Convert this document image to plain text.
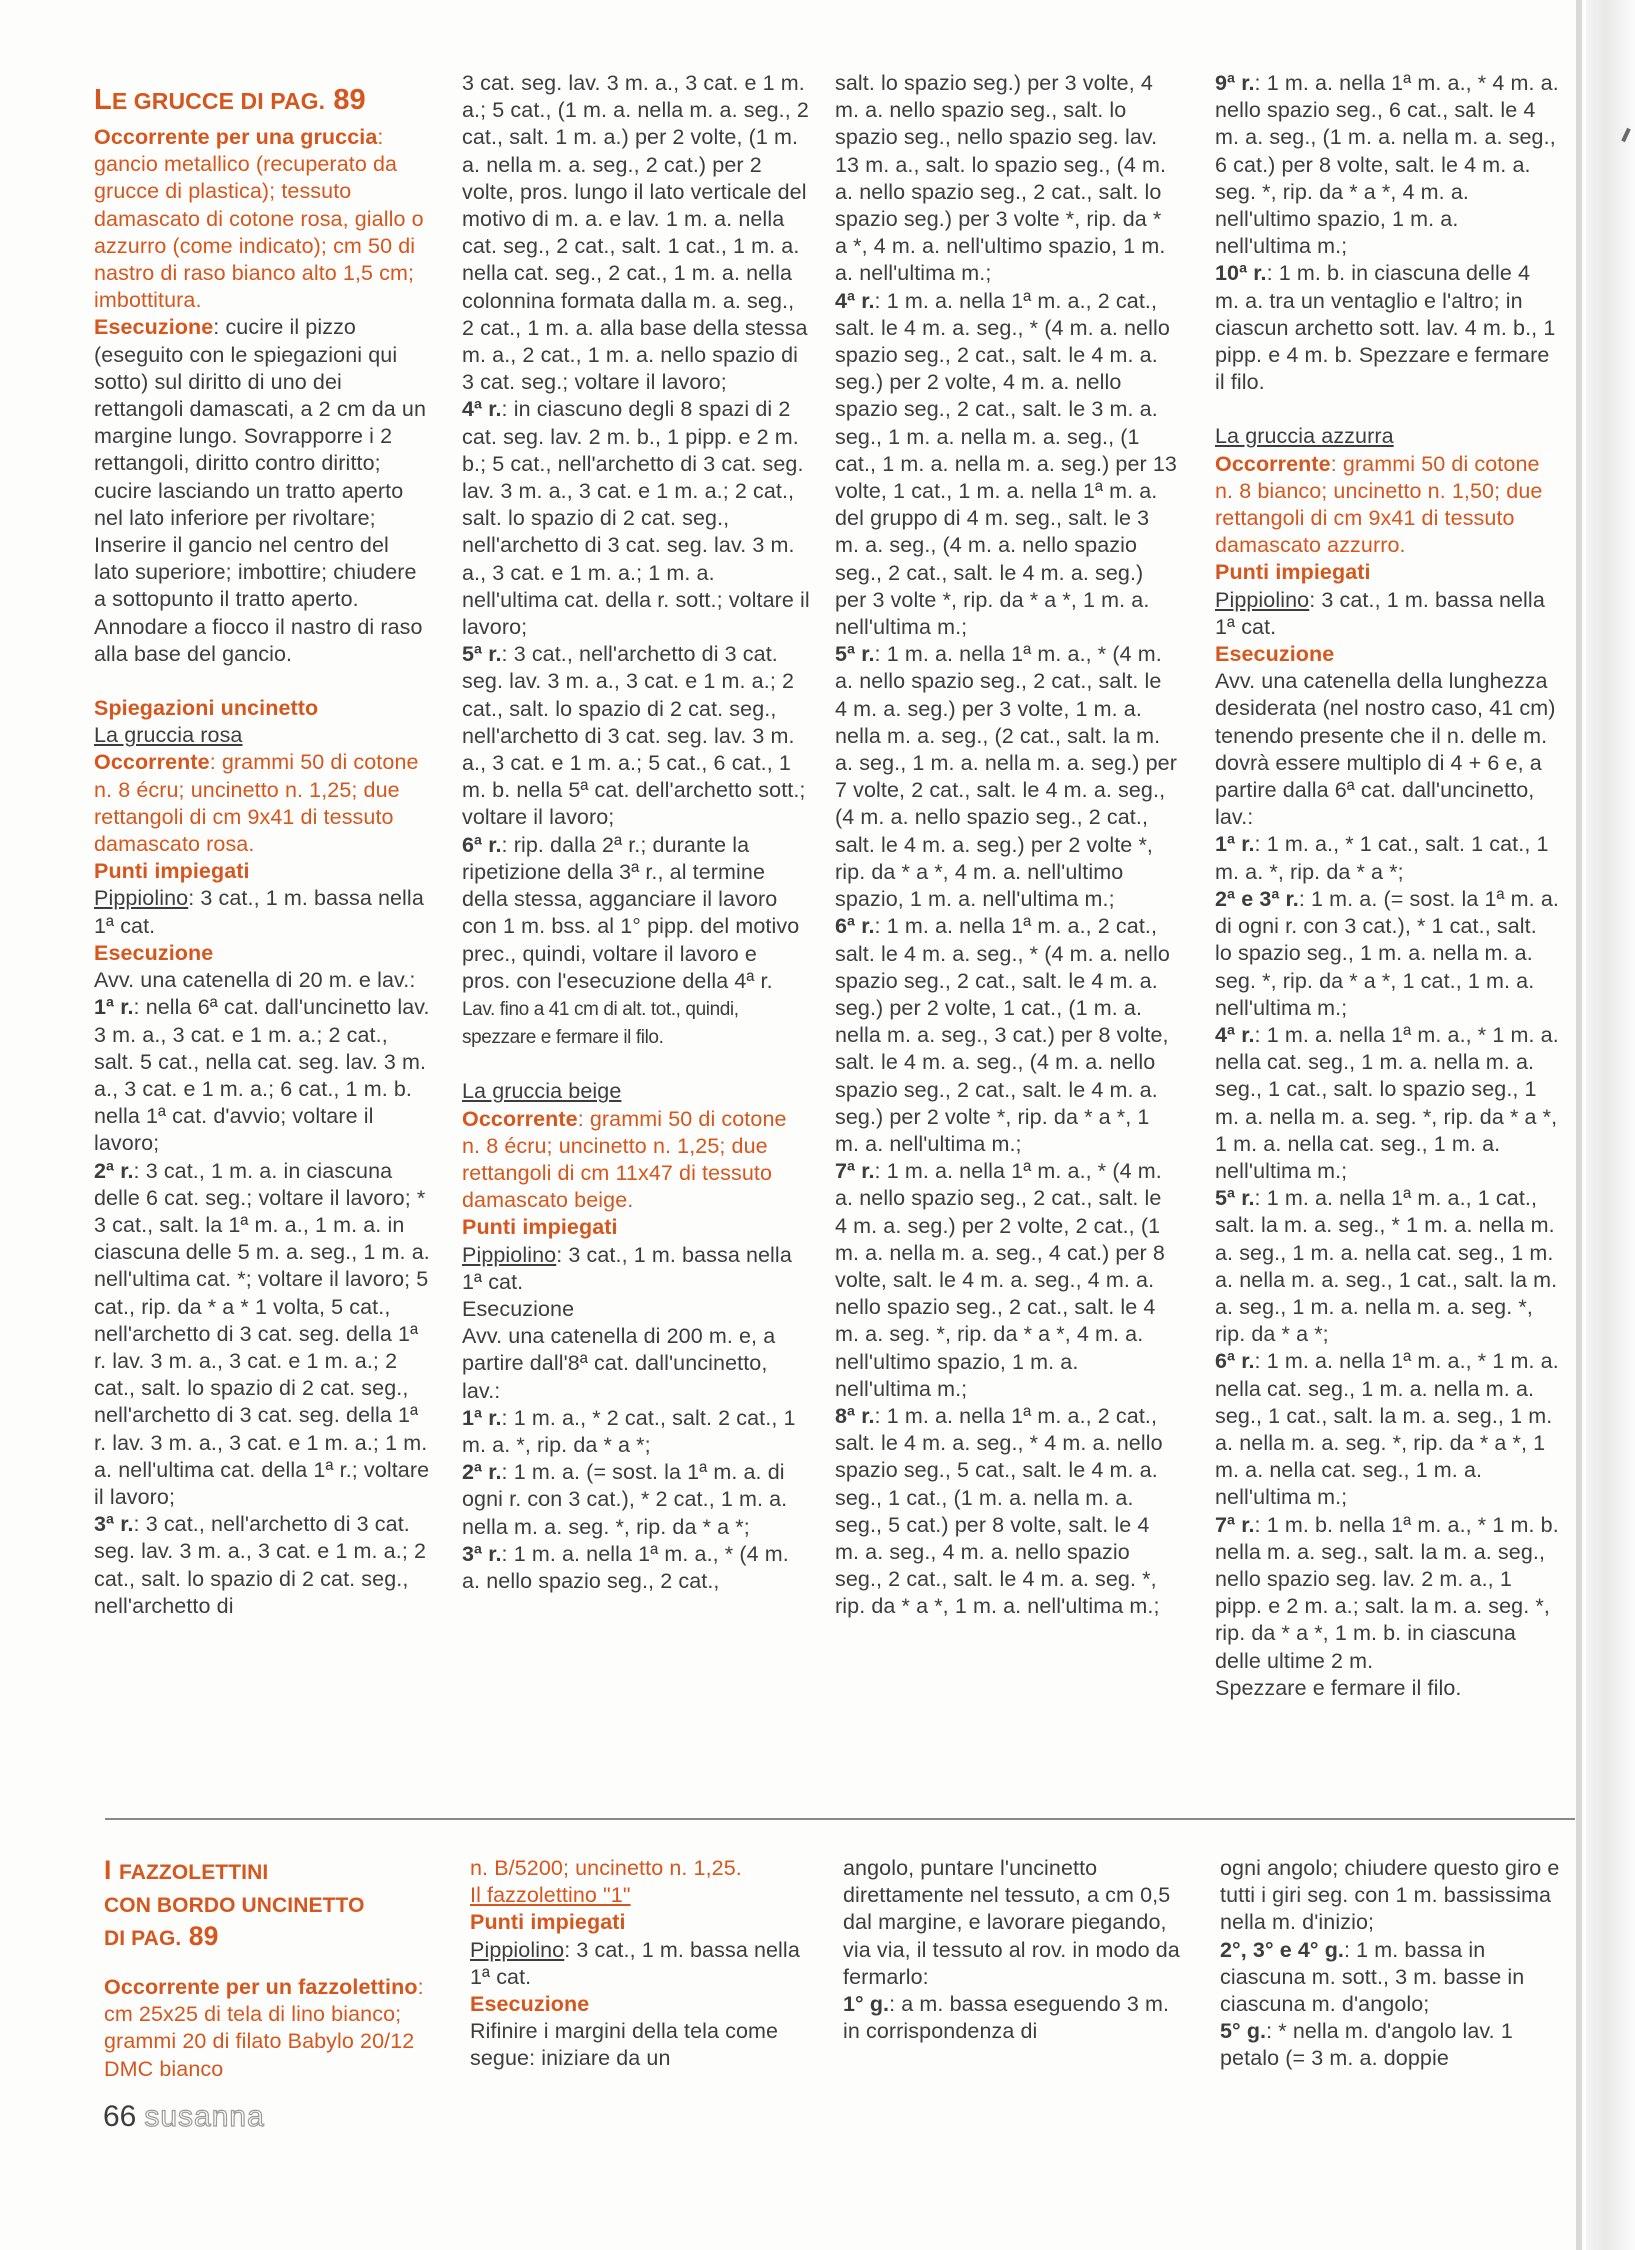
LE GRUCCE DI PAG. 89

Occorrente per una gruccia: gancio metallico (recuperato da grucce di plastica); tessuto damascato di cotone rosa, giallo o azzurro (come indicato); cm 50 di nastro di raso bianco alto 1,5 cm; imbottitura.

Esecuzione: cucire il pizzo (eseguito con le spiegazioni qui sotto) sul diritto di uno dei rettangoli damascati, a 2 cm da un margine lungo. Sovrapporre i 2 rettangoli, diritto contro diritto; cucire lasciando un tratto aperto nel lato inferiore per rivoltare; Inserire il gancio nel centro del lato superiore; imbottire; chiudere a sottopunto il tratto aperto. Annodare a fiocco il nastro di raso alla base del gancio.

Spiegazioni uncinetto

La gruccia rosa

Occorrente: grammi 50 di cotone n. 8 écru; uncinetto n. 1,25; due rettangoli di cm 9x41 di tessuto damascato rosa.

Punti impiegati

Pippiolino: 3 cat., 1 m. bassa nella 1ª cat.

Esecuzione

Avv. una catenella di 20 m. e lav.:

1ª r.: nella 6ª cat. dall'uncinetto lav. 3 m. a., 3 cat. e 1 m. a.; 2 cat., salt. 5 cat., nella cat. seg. lav. 3 m. a., 3 cat. e 1 m. a.; 6 cat., 1 m. b. nella 1ª cat. d'avvio; voltare il lavoro;

2ª r.: 3 cat., 1 m. a. in ciascuna delle 6 cat. seg.; voltare il lavoro; * 3 cat., salt. la 1ª m. a., 1 m. a. in ciascuna delle 5 m. a. seg., 1 m. a. nell'ultima cat. *; voltare il lavoro; 5 cat., rip. da * a * 1 volta, 5 cat., nell'archetto di 3 cat. seg. della 1ª r. lav. 3 m. a., 3 cat. e 1 m. a.; 2 cat., salt. lo spazio di 2 cat. seg., nell'archetto di 3 cat. seg. della 1ª r. lav. 3 m. a., 3 cat. e 1 m. a.; 1 m. a. nell'ultima cat. della 1ª r.; voltare il lavoro;

3ª r.: 3 cat., nell'archetto di 3 cat. seg. lav. 3 m. a., 3 cat. e 1 m. a.; 2 cat., salt. lo spazio di 2 cat. seg., nell'archetto di

3 cat. seg. lav. 3 m. a., 3 cat. e 1 m. a.; 5 cat., (1 m. a. nella m. a. seg., 2 cat., salt. 1 m. a.) per 2 volte, (1 m. a. nella m. a. seg., 2 cat.) per 2 volte, pros. lungo il lato verticale del motivo di m. a. e lav. 1 m. a. nella cat. seg., 2 cat., salt. 1 cat., 1 m. a. nella cat. seg., 2 cat., 1 m. a. nella colonnina formata dalla m. a. seg., 2 cat., 1 m. a. alla base della stessa m. a., 2 cat., 1 m. a. nello spazio di 3 cat. seg.; voltare il lavoro;

4ª r.: in ciascuno degli 8 spazi di 2 cat. seg. lav. 2 m. b., 1 pipp. e 2 m. b.; 5 cat., nell'archetto di 3 cat. seg. lav. 3 m. a., 3 cat. e 1 m. a.; 2 cat., salt. lo spazio di 2 cat. seg., nell'archetto di 3 cat. seg. lav. 3 m. a., 3 cat. e 1 m. a.; 1 m. a. nell'ultima cat. della r. sott.; voltare il lavoro;

5ª r.: 3 cat., nell'archetto di 3 cat. seg. lav. 3 m. a., 3 cat. e 1 m. a.; 2 cat., salt. lo spazio di 2 cat. seg., nell'archetto di 3 cat. seg. lav. 3 m. a., 3 cat. e 1 m. a.; 5 cat., 6 cat., 1 m. b. nella 5ª cat. dell'archetto sott.; voltare il lavoro;

6ª r.: rip. dalla 2ª r.; durante la ripetizione della 3ª r., al termine della stessa, agganciare il lavoro con 1 m. bss. al 1° pipp. del motivo prec., quindi, voltare il lavoro e pros. con l'esecuzione della 4ª r. Lav. fino a 41 cm di alt. tot., quindi, spezzare e fermare il filo.

La gruccia beige

Occorrente: grammi 50 di cotone n. 8 écru; uncinetto n. 1,25; due rettangoli di cm 11x47 di tessuto damascato beige.

Punti impiegati

Pippiolino: 3 cat., 1 m. bassa nella 1ª cat.

Esecuzione

Avv. una catenella di 200 m. e, a partire dall'8ª cat. dall'uncinetto, lav.:

1ª r.: 1 m. a., * 2 cat., salt. 2 cat., 1 m. a. *, rip. da * a *;

2ª r.: 1 m. a. (= sost. la 1ª m. a. di ogni r. con 3 cat.), * 2 cat., 1 m. a. nella m. a. seg. *, rip. da * a *;

3ª r.: 1 m. a. nella 1ª m. a., * (4 m. a. nello spazio seg., 2 cat.,

salt. lo spazio seg.) per 3 volte, 4 m. a. nello spazio seg., salt. lo spazio seg., nello spazio seg. lav. 13 m. a., salt. lo spazio seg., (4 m. a. nello spazio seg., 2 cat., salt. lo spazio seg.) per 3 volte *, rip. da * a *, 4 m. a. nell'ultimo spazio, 1 m. a. nell'ultima m.;

4ª r.: 1 m. a. nella 1ª m. a., 2 cat., salt. le 4 m. a. seg., * (4 m. a. nello spazio seg., 2 cat., salt. le 4 m. a. seg.) per 2 volte, 4 m. a. nello spazio seg., 2 cat., salt. le 3 m. a. seg., 1 m. a. nella m. a. seg., (1 cat., 1 m. a. nella m. a. seg.) per 13 volte, 1 cat., 1 m. a. nella 1ª m. a. del gruppo di 4 m. seg., salt. le 3 m. a. seg., (4 m. a. nello spazio seg., 2 cat., salt. le 4 m. a. seg.) per 3 volte *, rip. da * a *, 1 m. a. nell'ultima m.;

5ª r.: 1 m. a. nella 1ª m. a., * (4 m. a. nello spazio seg., 2 cat., salt. le 4 m. a. seg.) per 3 volte, 1 m. a. nella m. a. seg., (2 cat., salt. la m. a. seg., 1 m. a. nella m. a. seg.) per 7 volte, 2 cat., salt. le 4 m. a. seg., (4 m. a. nello spazio seg., 2 cat., salt. le 4 m. a. seg.) per 2 volte *, rip. da * a *, 4 m. a. nell'ultimo spazio, 1 m. a. nell'ultima m.;

6ª r.: 1 m. a. nella 1ª m. a., 2 cat., salt. le 4 m. a. seg., * (4 m. a. nello spazio seg., 2 cat., salt. le 4 m. a. seg.) per 2 volte, 1 cat., (1 m. a. nella m. a. seg., 3 cat.) per 8 volte, salt. le 4 m. a. seg., (4 m. a. nello spazio seg., 2 cat., salt. le 4 m. a. seg.) per 2 volte *, rip. da * a *, 1 m. a. nell'ultima m.;

7ª r.: 1 m. a. nella 1ª m. a., * (4 m. a. nello spazio seg., 2 cat., salt. le 4 m. a. seg.) per 2 volte, 2 cat., (1 m. a. nella m. a. seg., 4 cat.) per 8 volte, salt. le 4 m. a. seg., 4 m. a. nello spazio seg., 2 cat., salt. le 4 m. a. seg. *, rip. da * a *, 4 m. a. nell'ultimo spazio, 1 m. a. nell'ultima m.;

8ª r.: 1 m. a. nella 1ª m. a., 2 cat., salt. le 4 m. a. seg., * 4 m. a. nello spazio seg., 5 cat., salt. le 4 m. a. seg., 1 cat., (1 m. a. nella m. a. seg., 5 cat.) per 8 volte, salt. le 4 m. a. seg., 4 m. a. nello spazio seg., 2 cat., salt. le 4 m. a. seg. *, rip. da * a *, 1 m. a. nell'ultima m.;

9ª r.: 1 m. a. nella 1ª m. a., * 4 m. a. nello spazio seg., 6 cat., salt. le 4 m. a. seg., (1 m. a. nella m. a. seg., 6 cat.) per 8 volte, salt. le 4 m. a. seg. *, rip. da * a *, 4 m. a. nell'ultimo spazio, 1 m. a. nell'ultima m.;

10ª r.: 1 m. b. in ciascuna delle 4 m. a. tra un ventaglio e l'altro; in ciascun archetto sott. lav. 4 m. b., 1 pipp. e 4 m. b. Spezzare e fermare il filo.

La gruccia azzurra

Occorrente: grammi 50 di cotone n. 8 bianco; uncinetto n. 1,50; due rettangoli di cm 9x41 di tessuto damascato azzurro.

Punti impiegati

Pippiolino: 3 cat., 1 m. bassa nella 1ª cat.

Esecuzione

Avv. una catenella della lunghezza desiderata (nel nostro caso, 41 cm) tenendo presente che il n. delle m. dovrà essere multiplo di 4 + 6 e, a partire dalla 6ª cat. dall'uncinetto, lav.:

1ª r.: 1 m. a., * 1 cat., salt. 1 cat., 1 m. a. *, rip. da * a *;

2ª e 3ª r.: 1 m. a. (= sost. la 1ª m. a. di ogni r. con 3 cat.), * 1 cat., salt. lo spazio seg., 1 m. a. nella m. a. seg. *, rip. da * a *, 1 cat., 1 m. a. nell'ultima m.;

4ª r.: 1 m. a. nella 1ª m. a., * 1 m. a. nella cat. seg., 1 m. a. nella m. a. seg., 1 cat., salt. lo spazio seg., 1 m. a. nella m. a. seg. *, rip. da * a *, 1 m. a. nella cat. seg., 1 m. a. nell'ultima m.;

5ª r.: 1 m. a. nella 1ª m. a., 1 cat., salt. la m. a. seg., * 1 m. a. nella m. a. seg., 1 m. a. nella cat. seg., 1 m. a. nella m. a. seg., 1 cat., salt. la m. a. seg., 1 m. a. nella m. a. seg. *, rip. da * a *;

6ª r.: 1 m. a. nella 1ª m. a., * 1 m. a. nella cat. seg., 1 m. a. nella m. a. seg., 1 cat., salt. la m. a. seg., 1 m. a. nella m. a. seg. *, rip. da * a *, 1 m. a. nella cat. seg., 1 m. a. nell'ultima m.;

7ª r.: 1 m. b. nella 1ª m. a., * 1 m. b. nella m. a. seg., salt. la m. a. seg., nello spazio seg. lav. 2 m. a., 1 pipp. e 2 m. a.; salt. la m. a. seg. *, rip. da * a *, 1 m. b. in ciascuna delle ultime 2 m.

Spezzare e fermare il filo.

I FAZZOLETTINI
CON BORDO UNCINETTO
DI PAG. 89

Occorrente per un fazzolettino: cm 25x25 di tela di lino bianco; grammi 20 di filato Babylo 20/12 DMC bianco

n. B/5200; uncinetto n. 1,25.

Il fazzolettino "1"

Punti impiegati

Pippiolino: 3 cat., 1 m. bassa nella 1ª cat.

Esecuzione

Rifinire i margini della tela come segue: iniziare da un

angolo, puntare l'uncinetto direttamente nel tessuto, a cm 0,5 dal margine, e lavorare piegando, via via, il tessuto al rov. in modo da fermarlo:

1° g.: a m. bassa eseguendo 3 m. in corrispondenza di

ogni angolo; chiudere questo giro e tutti i giri seg. con 1 m. bassissima nella m. d'inizio;

2°, 3° e 4° g.: 1 m. bassa in ciascuna m. sott., 3 m. basse in ciascuna m. d'angolo;

5° g.: * nella m. d'angolo lav. 1 petalo (= 3 m. a. doppie

66 susanna
